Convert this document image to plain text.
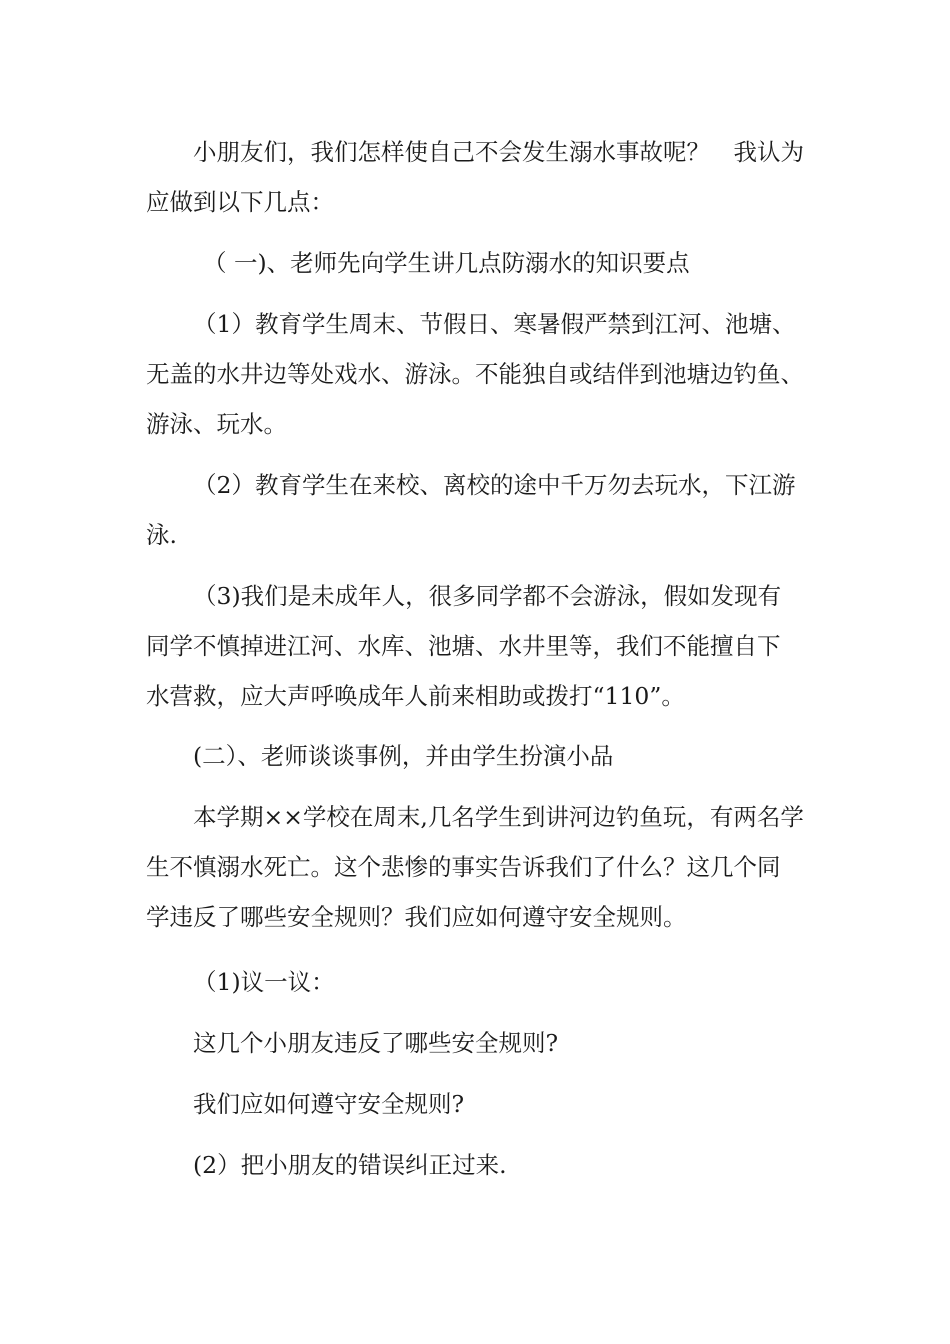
小朋友们，我们怎样使自己不会发生溺水事故呢？　我认为
应做到以下几点：
（ 一)、老师先向学生讲几点防溺水的知识要点
（1）教育学生周末、节假日、寒暑假严禁到江河、池塘、
无盖的水井边等处戏水、游泳。不能独自或结伴到池塘边钓鱼、
游泳、玩水。
（2）教育学生在来校、离校的途中千万勿去玩水，下江游
泳.
（3)我们是未成年人，很多同学都不会游泳，假如发现有
同学不慎掉进江河、水库、池塘、水井里等，我们不能擅自下
水营救，应大声呼唤成年人前来相助或拨打“110”。
(二）、老师谈谈事例，并由学生扮演小品
本学期××学校在周末,几名学生到讲河边钓鱼玩，有两名学
生不慎溺水死亡。这个悲惨的事实告诉我们了什么？这几个同
学违反了哪些安全规则？我们应如何遵守安全规则。
（1)议一议：
这几个小朋友违反了哪些安全规则?
我们应如何遵守安全规则?
(2）把小朋友的错误纠正过来.
